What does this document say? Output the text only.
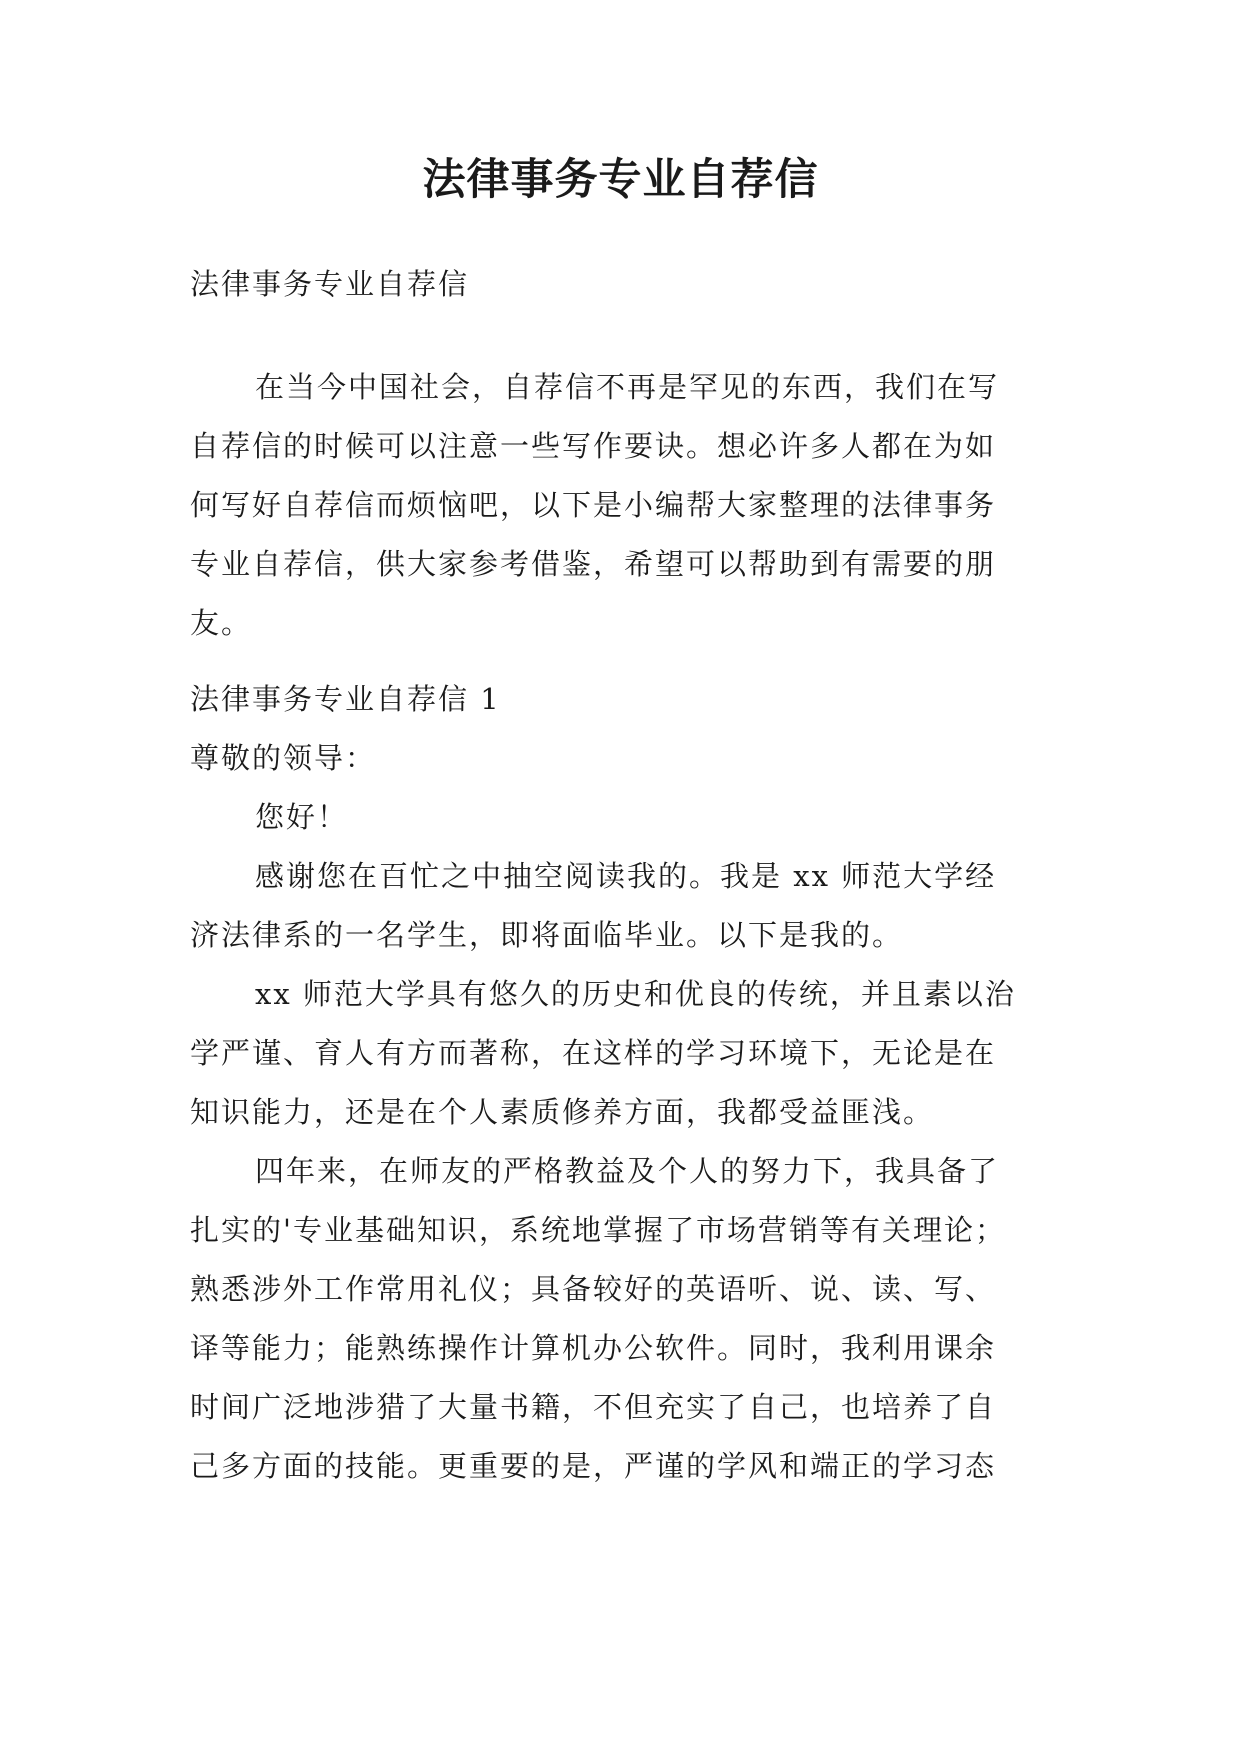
法律事务专业自荐信

法律事务专业自荐信

在当今中国社会，自荐信不再是罕见的东西，我们在写
自荐信的时候可以注意一些写作要诀。想必许多人都在为如
何写好自荐信而烦恼吧，以下是小编帮大家整理的法律事务
专业自荐信，供大家参考借鉴，希望可以帮助到有需要的朋
友。

法律事务专业自荐信 1
尊敬的领导：
您好！
感谢您在百忙之中抽空阅读我的。我是 xx 师范大学经
济法律系的一名学生，即将面临毕业。以下是我的。
xx 师范大学具有悠久的历史和优良的传统，并且素以治
学严谨、育人有方而著称，在这样的学习环境下，无论是在
知识能力，还是在个人素质修养方面，我都受益匪浅。
四年来，在师友的严格教益及个人的努力下，我具备了
扎实的'专业基础知识，系统地掌握了市场营销等有关理论；
熟悉涉外工作常用礼仪；具备较好的英语听、说、读、写、
译等能力；能熟练操作计算机办公软件。同时，我利用课余
时间广泛地涉猎了大量书籍，不但充实了自己，也培养了自
己多方面的技能。更重要的是，严谨的学风和端正的学习态
